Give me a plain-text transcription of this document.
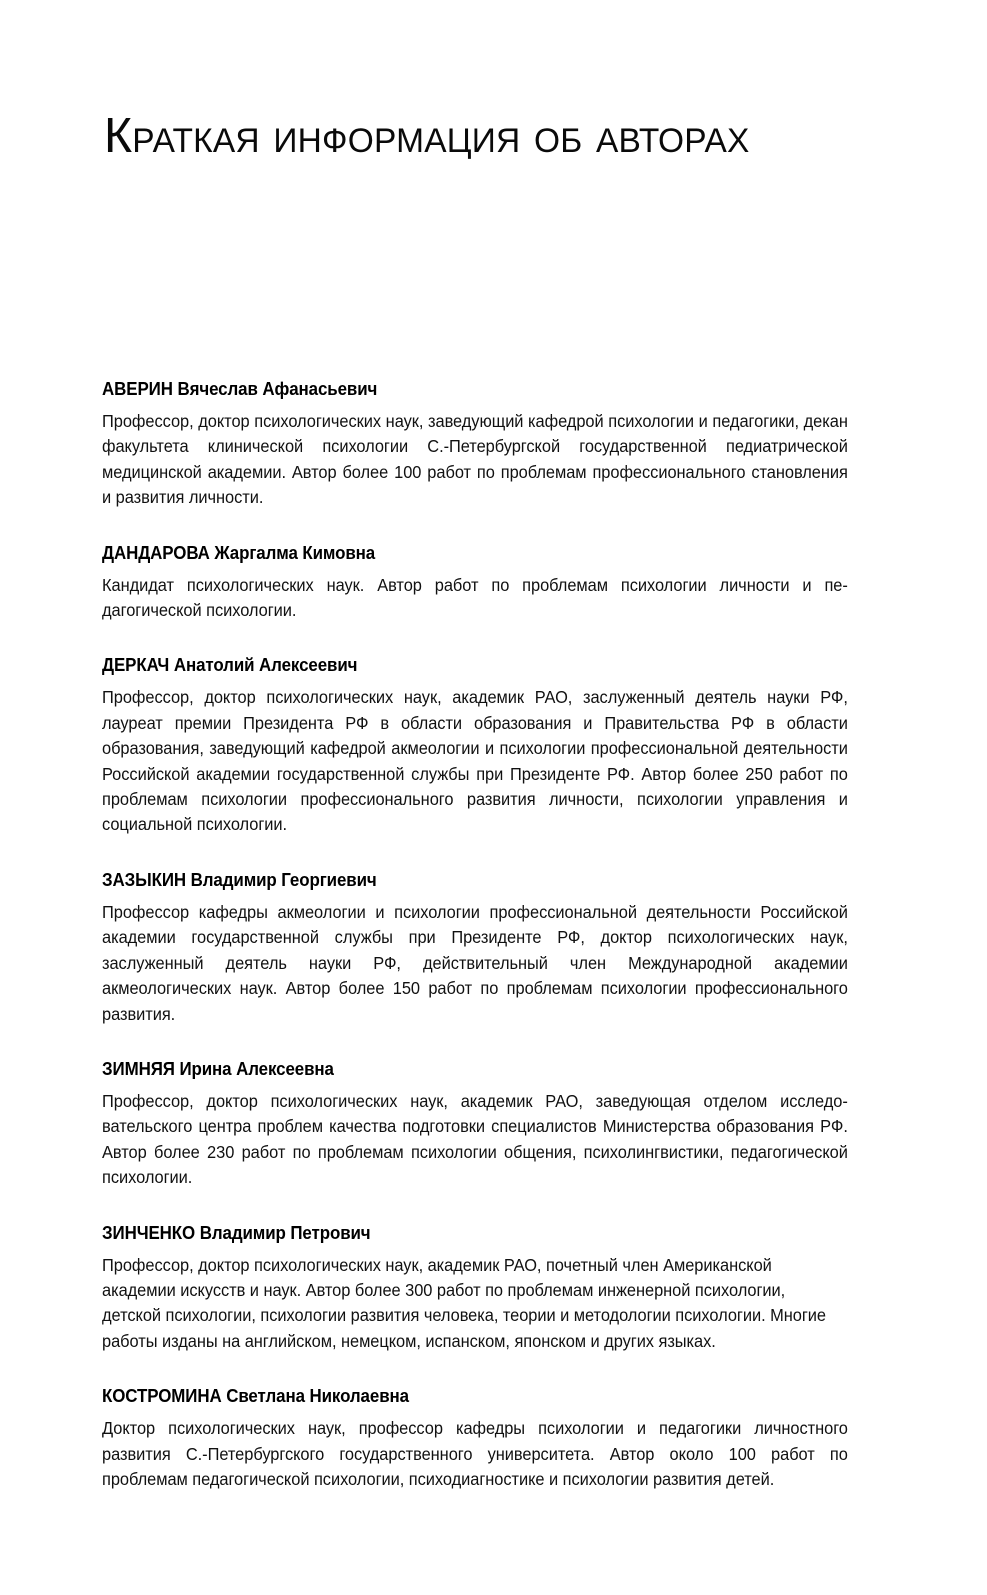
Краткая информация об авторах
АВЕРИН Вячеслав Афанасьевич

Профессор, доктор психологических наук, заведующий кафедрой психологии и педагогики, декан факультета клинической психологии С.-Петербургской государственной педиатрической медицинской академии. Автор более 100 работ по проблемам профессионального становления и развития личности.

ДАНДАРОВА Жаргалма Кимовна

Кандидат психологических наук. Автор работ по проблемам психологии личности и педагогической психологии.

ДЕРКАЧ Анатолий Алексеевич

Профессор, доктор психологических наук, академик РАО, заслуженный деятель науки РФ, лауреат премии Президента РФ в области образования и Правительства РФ в области образования, заведующий кафедрой акмеологии и психологии профессиональной деятельности Российской академии государственной службы при Президенте РФ. Автор более 250 работ по проблемам психологии профессионального развития личности, психологии управления и социальной психологии.

ЗАЗЫКИН Владимир Георгиевич

Профессор кафедры акмеологии и психологии профессиональной деятельности Российской академии государственной службы при Президенте РФ, доктор психологических наук, заслуженный деятель науки РФ, действительный член Международной академии акмеологических наук. Автор более 150 работ по проблемам психологии профессионального развития.

ЗИМНЯЯ Ирина Алексеевна

Профессор, доктор психологических наук, академик РАО, заведующая отделом исследовательского центра проблем качества подготовки специалистов Министерства образования РФ. Автор более 230 работ по проблемам психологии общения, психолингвистики, педагогической психологии.

ЗИНЧЕНКО Владимир Петрович

Профессор, доктор психологических наук, академик РАО, почетный член Американской академии искусств и наук. Автор более 300 работ по проблемам инженерной психологии, детской психологии, психологии развития человека, теории и методологии психологии. Многие работы изданы на английском, немецком, испанском, японском и других языках.

КОСТРОМИНА Светлана Николаевна

Доктор психологических наук, профессор кафедры психологии и педагогики личностного развития С.-Петербургского государственного университета. Автор около 100 работ по проблемам педагогической психологии, психодиагностике и психологии развития детей.
